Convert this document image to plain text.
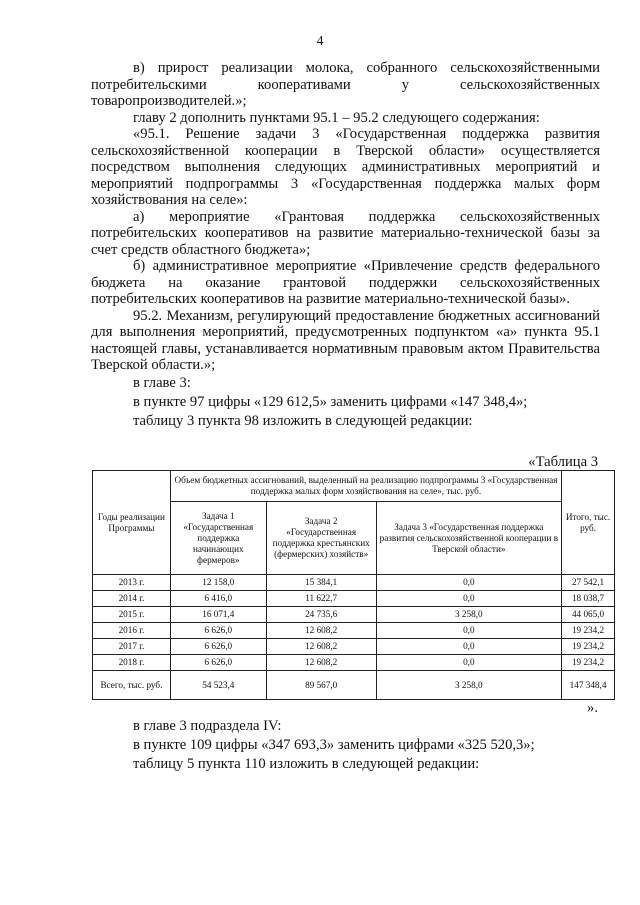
4

в) прирост реализации молока, собранного сельскохозяйственными потребительскими кооперативами у сельскохозяйственных товаропроизводителей.»;

главу 2 дополнить пунктами 95.1 – 95.2 следующего содержания:

«95.1. Решение задачи 3 «Государственная поддержка развития сельскохозяйственной кооперации в Тверской области» осуществляется посредством выполнения следующих административных мероприятий и мероприятий подпрограммы 3 «Государственная поддержка малых форм хозяйствования на селе»:

а) мероприятие «Грантовая поддержка сельскохозяйственных потребительских кооперативов на развитие материально-технической базы за счет средств областного бюджета»;

б) административное мероприятие «Привлечение средств федерального бюджета на оказание грантовой поддержки сельскохозяйственных потребительских кооперативов на развитие материально-технической базы».

95.2. Механизм, регулирующий предоставление бюджетных ассигнований для выполнения мероприятий, предусмотренных подпунктом «а» пункта 95.1 настоящей главы, устанавливается нормативным правовым актом Правительства Тверской области.»;

в главе 3:

в пункте 97 цифры «129 612,5» заменить цифрами «147 348,4»;

таблицу 3 пункта 98 изложить в следующей редакции:

«Таблица 3
Годы реализации Программы	Объем бюджетных ассигнований, выделенный на реализацию подпрограммы 3 «Государственная поддержка малых форм хозяйствования на селе», тыс. руб.			Итого, тыс. руб.
	Задача 1 «Государственная поддержка начинающих фермеров»	Задача 2 «Государственная поддержка крестьянских (фермерских) хозяйств»	Задача 3 «Государственная поддержка развития сельскохозяйственной кооперации в Тверской области»	
2013 г.	12 158,0	15 384,1	0,0	27 542,1
2014 г.	6 416,0	11 622,7	0,0	18 038,7
2015 г.	16 071,4	24 735,6	3 258,0	44 065,0
2016 г.	6 626,0	12 608,2	0,0	19 234,2
2017 г.	6 626,0	12 608,2	0,0	19 234,2
2018 г.	6 626,0	12 608,2	0,0	19 234,2
Всего, тыс. руб.	54 523,4	89 567,0	3 258,0	147 348,4
».

в главе 3 подраздела IV:

в пункте 109 цифры «347 693,3» заменить цифрами «325 520,3»;

таблицу 5 пункта 110 изложить в следующей редакции:
